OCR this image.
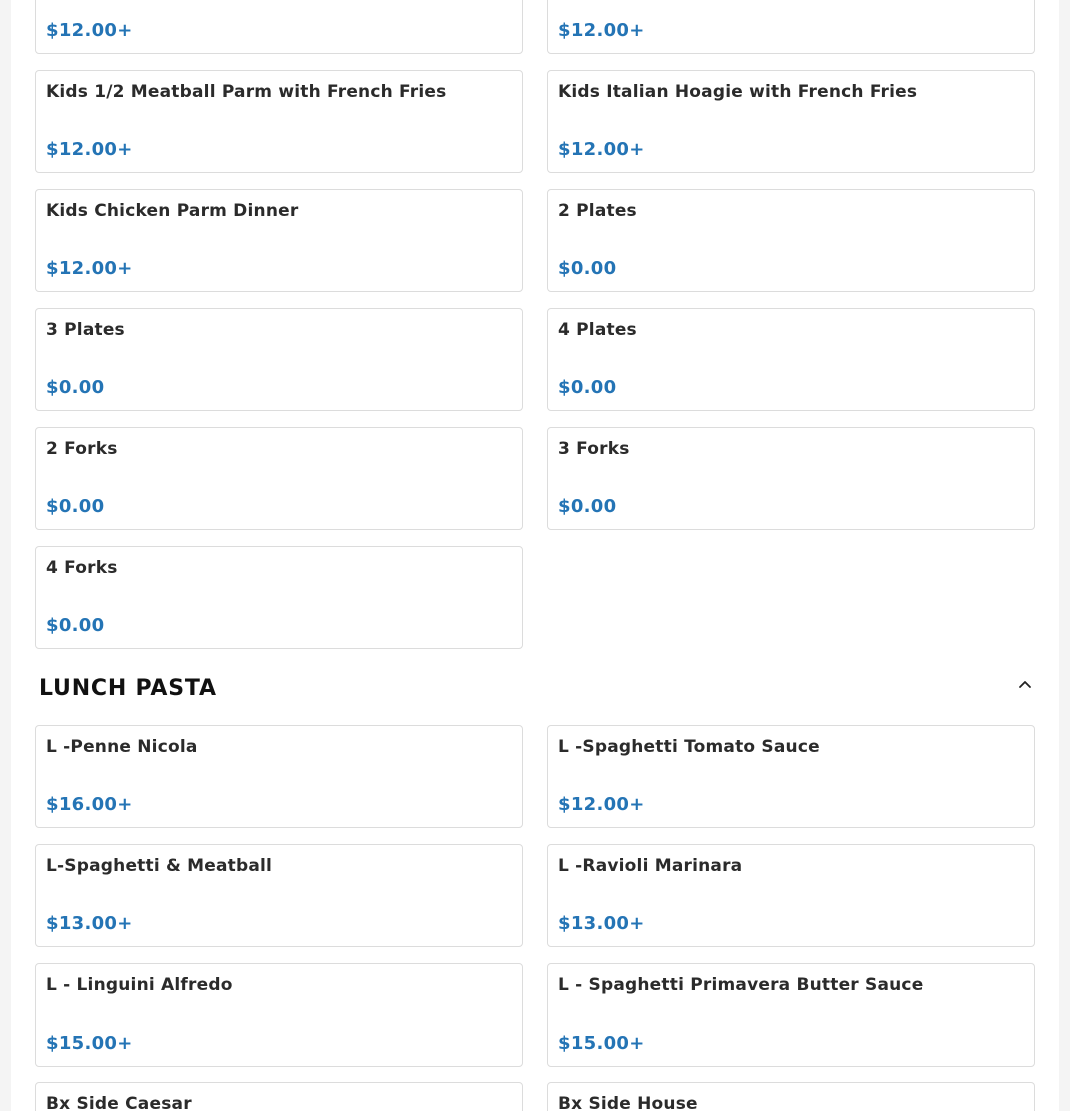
$12.00+	$12.00+
Kids 1/2 Meatball Parm with French Fries
$12.00+
Kids Italian Hoagie with French Fries
$12.00+
Kids Chicken Parm Dinner
$12.00+
2 Plates
$0.00
3 Plates
$0.00
4 Plates
$0.00
2 Forks
$0.00
3 Forks
$0.00
4 Forks
$0.00
LUNCH PASTA
L -Penne Nicola
$16.00+
L -Spaghetti Tomato Sauce
$12.00+
L-Spaghetti & Meatball
$13.00+
L -Ravioli Marinara
$13.00+
L - Linguini Alfredo
$15.00+
L - Spaghetti Primavera Butter Sauce
$15.00+
Bx Side Caesar	Bx Side House
